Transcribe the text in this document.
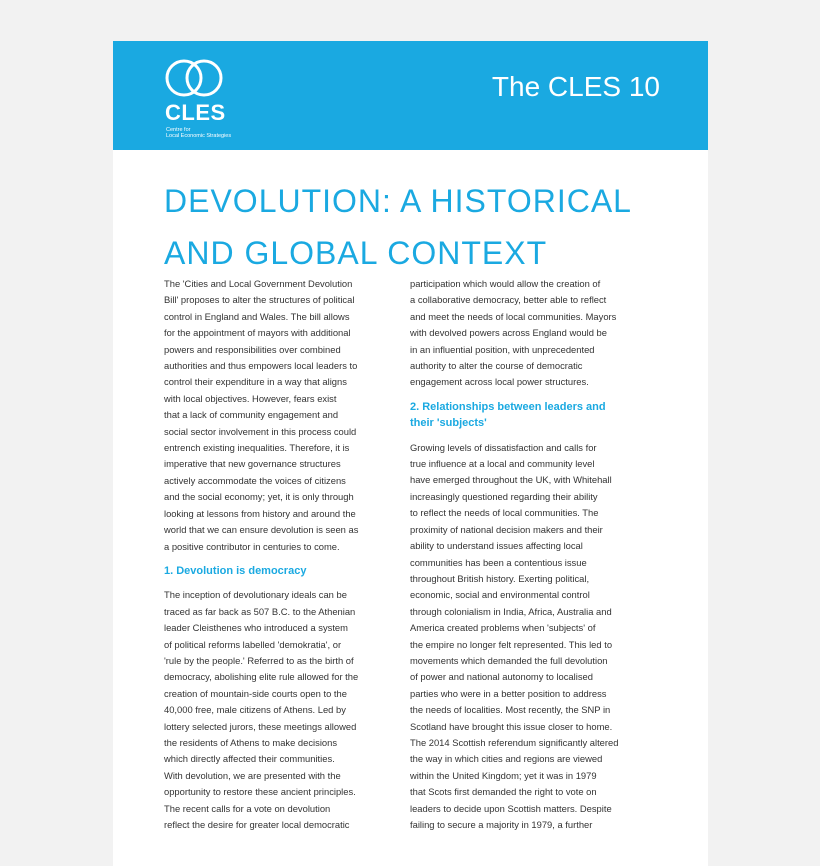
CLES
Centre for
Local Economic Strategies
The CLES 10
DEVOLUTION: A HISTORICAL
AND GLOBAL CONTEXT

The 'Cities and Local Government Devolution
Bill' proposes to alter the structures of political
control in England and Wales. The bill allows
for the appointment of mayors with additional
powers and responsibilities over combined
authorities and thus empowers local leaders to
control their expenditure in a way that aligns
with local objectives. However, fears exist
that a lack of community engagement and
social sector involvement in this process could
entrench existing inequalities. Therefore, it is
imperative that new governance structures
actively accommodate the voices of citizens
and the social economy; yet, it is only through
looking at lessons from history and around the
world that we can ensure devolution is seen as
a positive contributor in centuries to come.

1. Devolution is democracy

The inception of devolutionary ideals can be
traced as far back as 507 B.C. to the Athenian
leader Cleisthenes who introduced a system
of political reforms labelled 'demokratia', or
'rule by the people.' Referred to as the birth of
democracy, abolishing elite rule allowed for the
creation of mountain-side courts open to the
40,000 free, male citizens of Athens. Led by
lottery selected jurors, these meetings allowed
the residents of Athens to make decisions
which directly affected their communities.
With devolution, we are presented with the
opportunity to restore these ancient principles.
The recent calls for a vote on devolution
reflect the desire for greater local democratic

participation which would allow the creation of
a collaborative democracy, better able to reflect
and meet the needs of local communities. Mayors
with devolved powers across England would be
in an influential position, with unprecedented
authority to alter the course of democratic
engagement across local power structures.

2. Relationships between leaders and
their 'subjects'

Growing levels of dissatisfaction and calls for
true influence at a local and community level
have emerged throughout the UK, with Whitehall
increasingly questioned regarding their ability
to reflect the needs of local communities. The
proximity of national decision makers and their
ability to understand issues affecting local
communities has been a contentious issue
throughout British history. Exerting political,
economic, social and environmental control
through colonialism in India, Africa, Australia and
America created problems when 'subjects' of
the empire no longer felt represented. This led to
movements which demanded the full devolution
of power and national autonomy to localised
parties who were in a better position to address
the needs of localities. Most recently, the SNP in
Scotland have brought this issue closer to home.
The 2014 Scottish referendum significantly altered
the way in which cities and regions are viewed
within the United Kingdom; yet it was in 1979
that Scots first demanded the right to vote on
leaders to decide upon Scottish matters. Despite
failing to secure a majority in 1979, a further
